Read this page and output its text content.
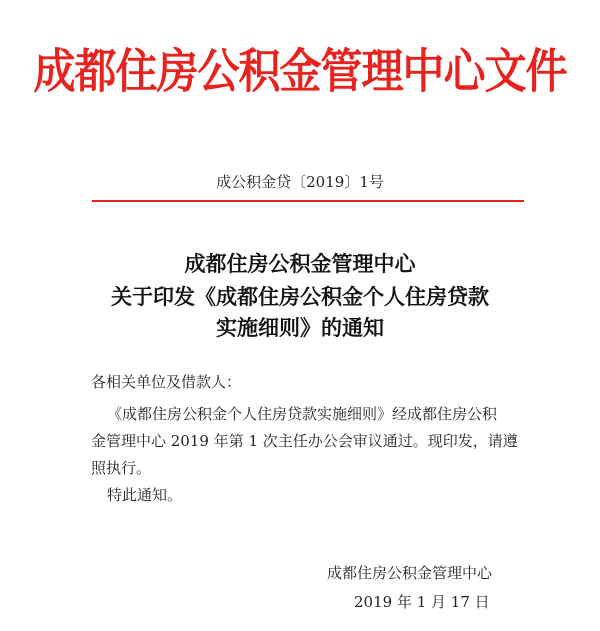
成都住房公积金管理中心文件
成公积金贷〔2019〕1号
成都住房公积金管理中心
关于印发《成都住房公积金个人住房贷款
实施细则》的通知
各相关单位及借款人：
《成都住房公积金个人住房贷款实施细则》经成都住房公积
金管理中心 2019 年第 1 次主任办公会审议通过。现印发，请遵
照执行。
特此通知。
成都住房公积金管理中心
2019 年 1 月 17 日
